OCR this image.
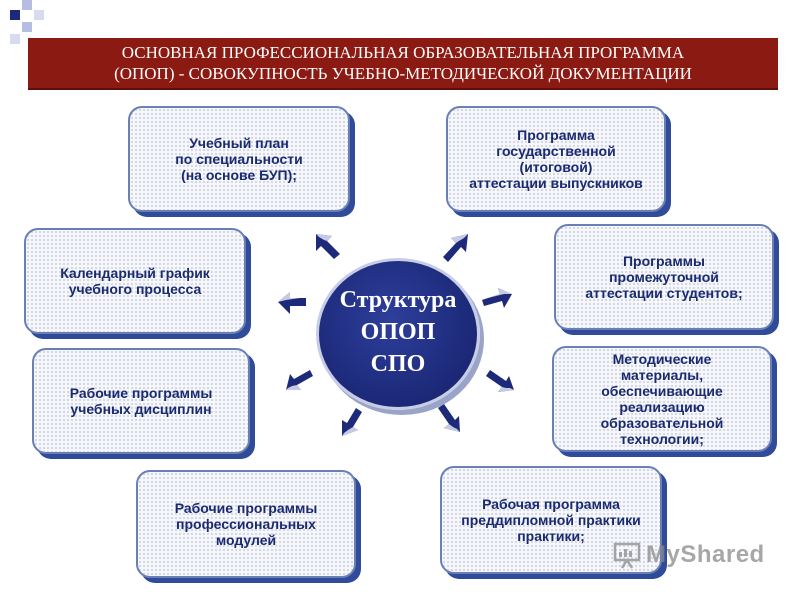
ОСНОВНАЯ ПРОФЕССИОНАЛЬНАЯ ОБРАЗОВАТЕЛЬНАЯ ПРОГРАММА
(ОПОП) - СОВОКУПНОСТЬ УЧЕБНО-МЕТОДИЧЕСКОЙ ДОКУМЕНТАЦИИ
Учебный план
по специальности
(на основе БУП);
Программа
государственной
(итоговой)
аттестации выпускников
Календарный график
учебного процесса
Программы
промежуточной
аттестации студентов;
Рабочие программы
учебных дисциплин
Методические
материалы,
обеспечивающие
реализацию
образовательной
технологии;
Рабочие программы
профессиональных
модулей
Рабочая программа
преддипломной практики
практики;
Структура
ОПОП
СПО
MyShared
